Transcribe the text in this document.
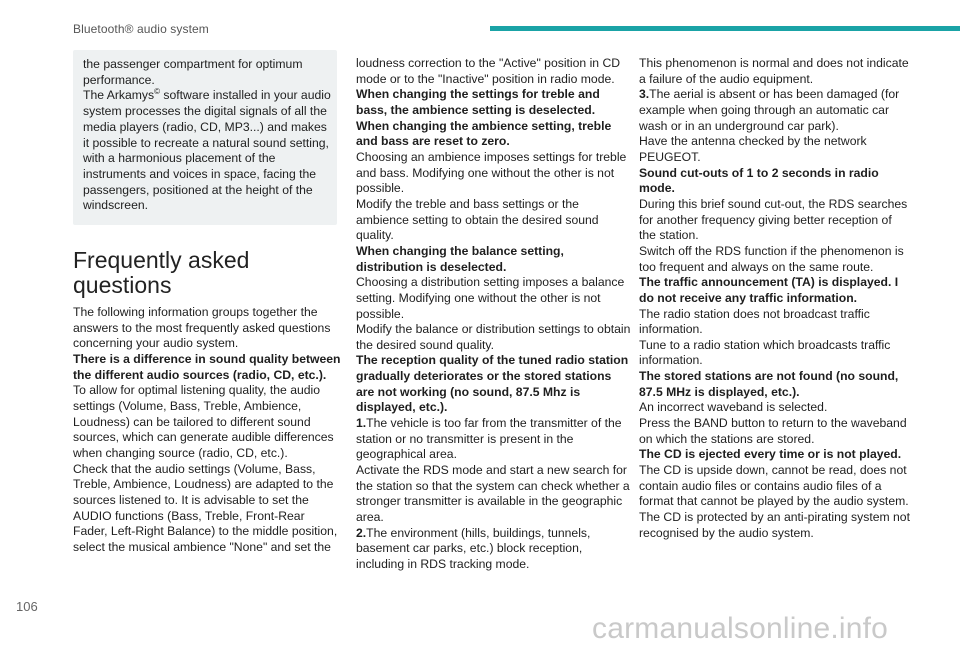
Bluetooth® audio system

the passenger compartment for optimum performance.

The Arkamys© software installed in your audio system processes the digital signals of all the media players (radio, CD, MP3...) and makes it possible to recreate a natural sound setting, with a harmonious placement of the instruments and voices in space, facing the passengers, positioned at the height of the windscreen.

Frequently asked questions

The following information groups together the answers to the most frequently asked questions concerning your audio system.

There is a difference in sound quality between the different audio sources (radio, CD, etc.).

To allow for optimal listening quality, the audio settings (Volume, Bass, Treble, Ambience, Loudness) can be tailored to different sound sources, which can generate audible differences when changing source (radio, CD, etc.).

Check that the audio settings (Volume, Bass, Treble, Ambience, Loudness) are adapted to the sources listened to. It is advisable to set the AUDIO functions (Bass, Treble, Front-Rear Fader, Left-Right Balance) to the middle position, select the musical ambience "None" and set the

loudness correction to the "Active" position in CD mode or to the "Inactive" position in radio mode.

When changing the settings for treble and bass, the ambience setting is deselected.

When changing the ambience setting, treble and bass are reset to zero.

Choosing an ambience imposes settings for treble and bass. Modifying one without the other is not possible.

Modify the treble and bass settings or the ambience setting to obtain the desired sound quality.

When changing the balance setting, distribution is deselected.

Choosing a distribution setting imposes a balance setting. Modifying one without the other is not possible.

Modify the balance or distribution settings to obtain the desired sound quality.

The reception quality of the tuned radio station gradually deteriorates or the stored stations are not working (no sound, 87.5 Mhz is displayed, etc.).

1.The vehicle is too far from the transmitter of the station or no transmitter is present in the geographical area.

Activate the RDS mode and start a new search for the station so that the system can check whether a stronger transmitter is available in the geographic area.

2.The environment (hills, buildings, tunnels, basement car parks, etc.) block reception, including in RDS tracking mode.

This phenomenon is normal and does not indicate a failure of the audio equipment.

3.The aerial is absent or has been damaged (for example when going through an automatic car wash or in an underground car park).

Have the antenna checked by the network PEUGEOT.

Sound cut-outs of 1 to 2 seconds in radio mode.

During this brief sound cut-out, the RDS searches for another frequency giving better reception of the station.

Switch off the RDS function if the phenomenon is too frequent and always on the same route.

The traffic announcement (TA) is displayed. I do not receive any traffic information.

The radio station does not broadcast traffic information.

Tune to a radio station which broadcasts traffic information.

The stored stations are not found (no sound, 87.5 MHz is displayed, etc.).

An incorrect waveband is selected.

Press the BAND button to return to the waveband on which the stations are stored.

The CD is ejected every time or is not played.

The CD is upside down, cannot be read, does not contain audio files or contains audio files of a format that cannot be played by the audio system.

The CD is protected by an anti-pirating system not recognised by the audio system.

106
carmanualsonline.info
